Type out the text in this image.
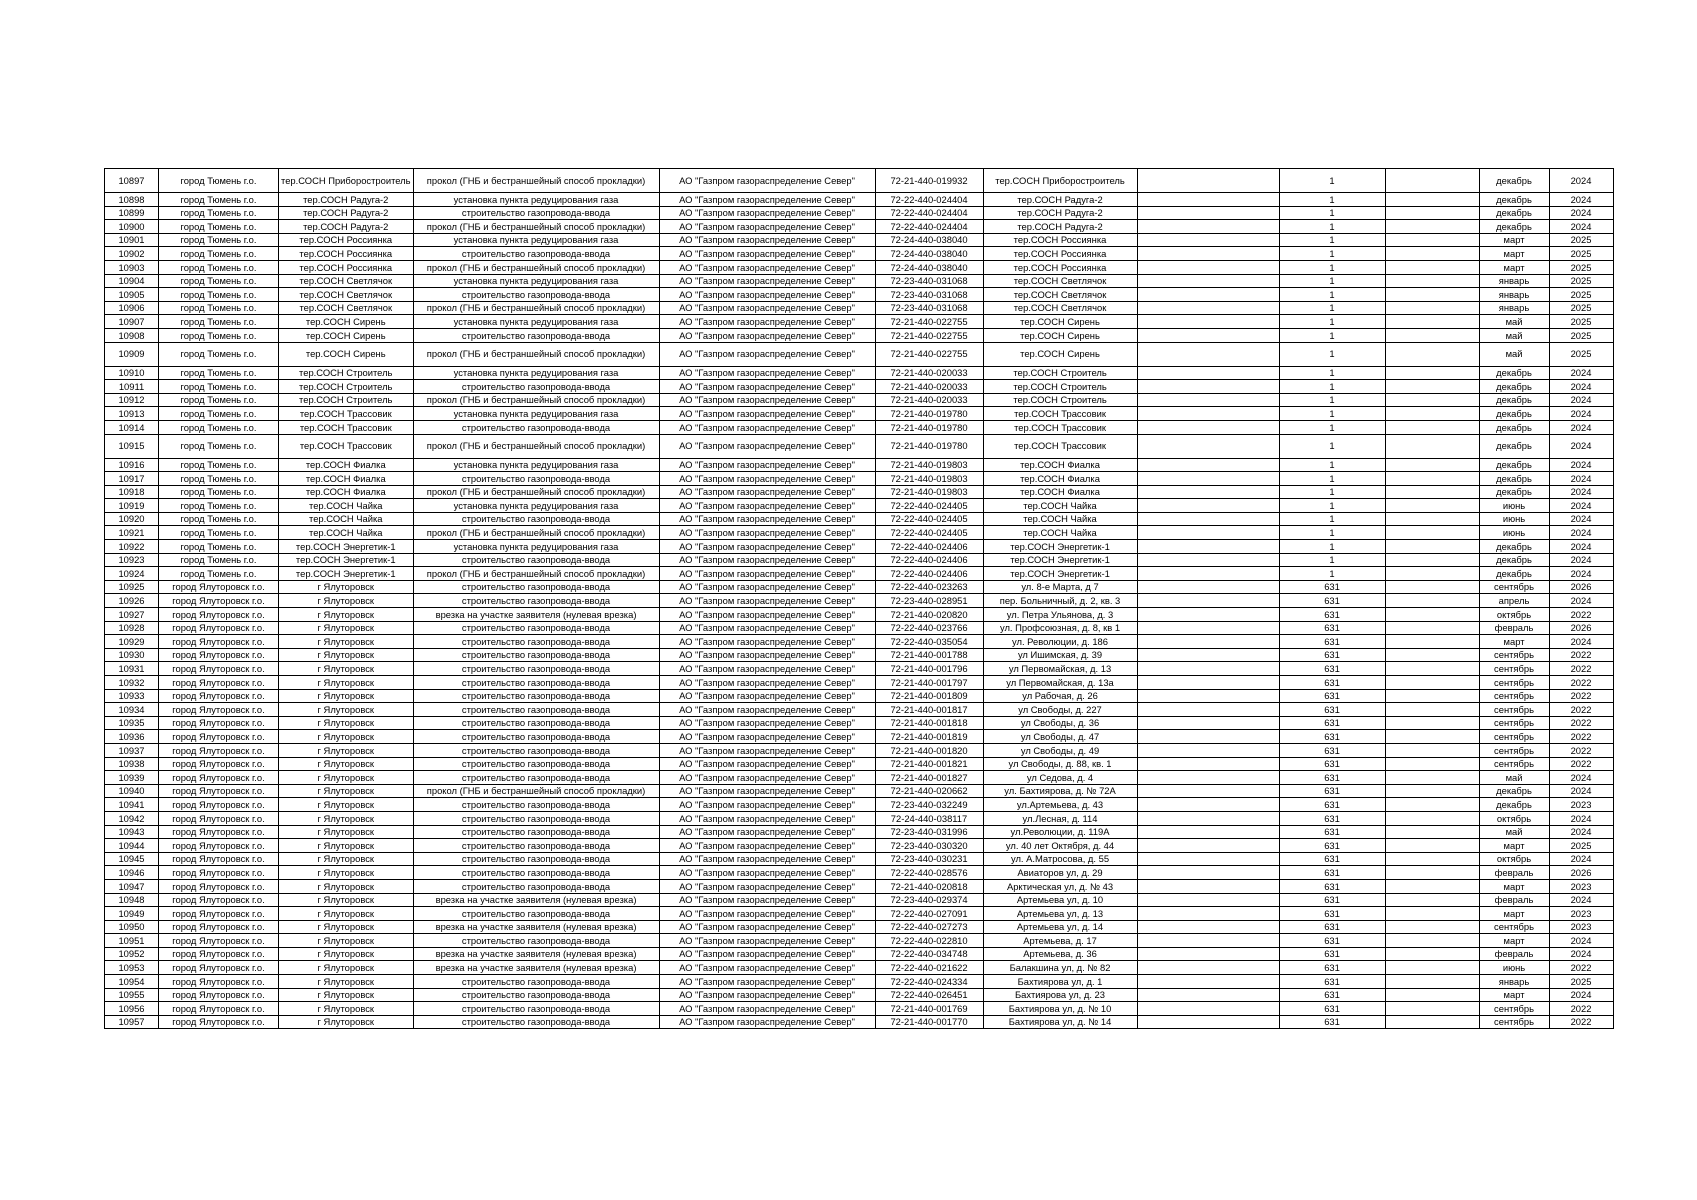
10897	город Тюмень г.о.	тер.СОСН Приборостроитель	прокол (ГНБ и бестраншейный способ прокладки)	АО "Газпром газораспределение Север"	72-21-440-019932	тер.СОСН Приборостроитель		1		декабрь	2024
10898	город Тюмень г.о.	тер.СОСН Радуга-2	установка пункта редуцирования газа	АО "Газпром газораспределение Север"	72-22-440-024404	тер.СОСН Радуга-2		1		декабрь	2024
10899	город Тюмень г.о.	тер.СОСН Радуга-2	строительство газопровода-ввода	АО "Газпром газораспределение Север"	72-22-440-024404	тер.СОСН Радуга-2		1		декабрь	2024
10900	город Тюмень г.о.	тер.СОСН Радуга-2	прокол (ГНБ и бестраншейный способ прокладки)	АО "Газпром газораспределение Север"	72-22-440-024404	тер.СОСН Радуга-2		1		декабрь	2024
10901	город Тюмень г.о.	тер.СОСН Россиянка	установка пункта редуцирования газа	АО "Газпром газораспределение Север"	72-24-440-038040	тер.СОСН Россиянка		1		март	2025
10902	город Тюмень г.о.	тер.СОСН Россиянка	строительство газопровода-ввода	АО "Газпром газораспределение Север"	72-24-440-038040	тер.СОСН Россиянка		1		март	2025
10903	город Тюмень г.о.	тер.СОСН Россиянка	прокол (ГНБ и бестраншейный способ прокладки)	АО "Газпром газораспределение Север"	72-24-440-038040	тер.СОСН Россиянка		1		март	2025
10904	город Тюмень г.о.	тер.СОСН Светлячок	установка пункта редуцирования газа	АО "Газпром газораспределение Север"	72-23-440-031068	тер.СОСН Светлячок		1		январь	2025
10905	город Тюмень г.о.	тер.СОСН Светлячок	строительство газопровода-ввода	АО "Газпром газораспределение Север"	72-23-440-031068	тер.СОСН Светлячок		1		январь	2025
10906	город Тюмень г.о.	тер.СОСН Светлячок	прокол (ГНБ и бестраншейный способ прокладки)	АО "Газпром газораспределение Север"	72-23-440-031068	тер.СОСН Светлячок		1		январь	2025
10907	город Тюмень г.о.	тер.СОСН Сирень	установка пункта редуцирования газа	АО "Газпром газораспределение Север"	72-21-440-022755	тер.СОСН Сирень		1		май	2025
10908	город Тюмень г.о.	тер.СОСН Сирень	строительство газопровода-ввода	АО "Газпром газораспределение Север"	72-21-440-022755	тер.СОСН Сирень		1		май	2025
10909	город Тюмень г.о.	тер.СОСН Сирень	прокол (ГНБ и бестраншейный способ прокладки)	АО "Газпром газораспределение Север"	72-21-440-022755	тер.СОСН Сирень		1		май	2025
10910	город Тюмень г.о.	тер.СОСН Строитель	установка пункта редуцирования газа	АО "Газпром газораспределение Север"	72-21-440-020033	тер.СОСН Строитель		1		декабрь	2024
10911	город Тюмень г.о.	тер.СОСН Строитель	строительство газопровода-ввода	АО "Газпром газораспределение Север"	72-21-440-020033	тер.СОСН Строитель		1		декабрь	2024
10912	город Тюмень г.о.	тер.СОСН Строитель	прокол (ГНБ и бестраншейный способ прокладки)	АО "Газпром газораспределение Север"	72-21-440-020033	тер.СОСН Строитель		1		декабрь	2024
10913	город Тюмень г.о.	тер.СОСН Трассовик	установка пункта редуцирования газа	АО "Газпром газораспределение Север"	72-21-440-019780	тер.СОСН Трассовик		1		декабрь	2024
10914	город Тюмень г.о.	тер.СОСН Трассовик	строительство газопровода-ввода	АО "Газпром газораспределение Север"	72-21-440-019780	тер.СОСН Трассовик		1		декабрь	2024
10915	город Тюмень г.о.	тер.СОСН Трассовик	прокол (ГНБ и бестраншейный способ прокладки)	АО "Газпром газораспределение Север"	72-21-440-019780	тер.СОСН Трассовик		1		декабрь	2024
10916	город Тюмень г.о.	тер.СОСН Фиалка	установка пункта редуцирования газа	АО "Газпром газораспределение Север"	72-21-440-019803	тер.СОСН Фиалка		1		декабрь	2024
10917	город Тюмень г.о.	тер.СОСН Фиалка	строительство газопровода-ввода	АО "Газпром газораспределение Север"	72-21-440-019803	тер.СОСН Фиалка		1		декабрь	2024
10918	город Тюмень г.о.	тер.СОСН Фиалка	прокол (ГНБ и бестраншейный способ прокладки)	АО "Газпром газораспределение Север"	72-21-440-019803	тер.СОСН Фиалка		1		декабрь	2024
10919	город Тюмень г.о.	тер.СОСН Чайка	установка пункта редуцирования газа	АО "Газпром газораспределение Север"	72-22-440-024405	тер.СОСН Чайка		1		июнь	2024
10920	город Тюмень г.о.	тер.СОСН Чайка	строительство газопровода-ввода	АО "Газпром газораспределение Север"	72-22-440-024405	тер.СОСН Чайка		1		июнь	2024
10921	город Тюмень г.о.	тер.СОСН Чайка	прокол (ГНБ и бестраншейный способ прокладки)	АО "Газпром газораспределение Север"	72-22-440-024405	тер.СОСН Чайка		1		июнь	2024
10922	город Тюмень г.о.	тер.СОСН Энергетик-1	установка пункта редуцирования газа	АО "Газпром газораспределение Север"	72-22-440-024406	тер.СОСН Энергетик-1		1		декабрь	2024
10923	город Тюмень г.о.	тер.СОСН Энергетик-1	строительство газопровода-ввода	АО "Газпром газораспределение Север"	72-22-440-024406	тер.СОСН Энергетик-1		1		декабрь	2024
10924	город Тюмень г.о.	тер.СОСН Энергетик-1	прокол (ГНБ и бестраншейный способ прокладки)	АО "Газпром газораспределение Север"	72-22-440-024406	тер.СОСН Энергетик-1		1		декабрь	2024
10925	город Ялуторовск г.о.	г Ялуторовск	строительство газопровода-ввода	АО "Газпром газораспределение Север"	72-22-440-023263	ул. 8-е Марта, д 7		631		сентябрь	2026
10926	город Ялуторовск г.о.	г Ялуторовск	строительство газопровода-ввода	АО "Газпром газораспределение Север"	72-23-440-028951	пер. Больничный, д. 2, кв. 3		631		апрель	2024
10927	город Ялуторовск г.о.	г Ялуторовск	врезка на участке заявителя (нулевая врезка)	АО "Газпром газораспределение Север"	72-21-440-020820	ул. Петра Ульянова, д. 3		631		октябрь	2022
10928	город Ялуторовск г.о.	г Ялуторовск	строительство газопровода-ввода	АО "Газпром газораспределение Север"	72-22-440-023766	ул. Профсоюзная, д. 8, кв 1		631		февраль	2026
10929	город Ялуторовск г.о.	г Ялуторовск	строительство газопровода-ввода	АО "Газпром газораспределение Север"	72-22-440-035054	ул. Революции, д. 186		631		март	2024
10930	город Ялуторовск г.о.	г Ялуторовск	строительство газопровода-ввода	АО "Газпром газораспределение Север"	72-21-440-001788	ул Ишимская, д. 39		631		сентябрь	2022
10931	город Ялуторовск г.о.	г Ялуторовск	строительство газопровода-ввода	АО "Газпром газораспределение Север"	72-21-440-001796	ул Первомайская, д. 13		631		сентябрь	2022
10932	город Ялуторовск г.о.	г Ялуторовск	строительство газопровода-ввода	АО "Газпром газораспределение Север"	72-21-440-001797	ул Первомайская, д. 13а		631		сентябрь	2022
10933	город Ялуторовск г.о.	г Ялуторовск	строительство газопровода-ввода	АО "Газпром газораспределение Север"	72-21-440-001809	ул Рабочая, д. 26		631		сентябрь	2022
10934	город Ялуторовск г.о.	г Ялуторовск	строительство газопровода-ввода	АО "Газпром газораспределение Север"	72-21-440-001817	ул Свободы, д. 227		631		сентябрь	2022
10935	город Ялуторовск г.о.	г Ялуторовск	строительство газопровода-ввода	АО "Газпром газораспределение Север"	72-21-440-001818	ул Свободы, д. 36		631		сентябрь	2022
10936	город Ялуторовск г.о.	г Ялуторовск	строительство газопровода-ввода	АО "Газпром газораспределение Север"	72-21-440-001819	ул Свободы, д. 47		631		сентябрь	2022
10937	город Ялуторовск г.о.	г Ялуторовск	строительство газопровода-ввода	АО "Газпром газораспределение Север"	72-21-440-001820	ул Свободы, д. 49		631		сентябрь	2022
10938	город Ялуторовск г.о.	г Ялуторовск	строительство газопровода-ввода	АО "Газпром газораспределение Север"	72-21-440-001821	ул Свободы, д. 88, кв. 1		631		сентябрь	2022
10939	город Ялуторовск г.о.	г Ялуторовск	строительство газопровода-ввода	АО "Газпром газораспределение Север"	72-21-440-001827	ул Седова, д. 4		631		май	2024
10940	город Ялуторовск г.о.	г Ялуторовск	прокол (ГНБ и бестраншейный способ прокладки)	АО "Газпром газораспределение Север"	72-21-440-020662	ул. Бахтиярова, д. № 72А		631		декабрь	2024
10941	город Ялуторовск г.о.	г Ялуторовск	строительство газопровода-ввода	АО "Газпром газораспределение Север"	72-23-440-032249	ул.Артемьева, д. 43		631		декабрь	2023
10942	город Ялуторовск г.о.	г Ялуторовск	строительство газопровода-ввода	АО "Газпром газораспределение Север"	72-24-440-038117	ул.Лесная, д. 114		631		октябрь	2024
10943	город Ялуторовск г.о.	г Ялуторовск	строительство газопровода-ввода	АО "Газпром газораспределение Север"	72-23-440-031996	ул.Революции, д. 119А		631		май	2024
10944	город Ялуторовск г.о.	г Ялуторовск	строительство газопровода-ввода	АО "Газпром газораспределение Север"	72-23-440-030320	ул. 40 лет Октября, д. 44		631		март	2025
10945	город Ялуторовск г.о.	г Ялуторовск	строительство газопровода-ввода	АО "Газпром газораспределение Север"	72-23-440-030231	ул. А.Матросова, д. 55		631		октябрь	2024
10946	город Ялуторовск г.о.	г Ялуторовск	строительство газопровода-ввода	АО "Газпром газораспределение Север"	72-22-440-028576	Авиаторов ул, д. 29		631		февраль	2026
10947	город Ялуторовск г.о.	г Ялуторовск	строительство газопровода-ввода	АО "Газпром газораспределение Север"	72-21-440-020818	Арктическая ул, д. № 43		631		март	2023
10948	город Ялуторовск г.о.	г Ялуторовск	врезка на участке заявителя (нулевая врезка)	АО "Газпром газораспределение Север"	72-23-440-029374	Артемьева ул, д. 10		631		февраль	2024
10949	город Ялуторовск г.о.	г Ялуторовск	строительство газопровода-ввода	АО "Газпром газораспределение Север"	72-22-440-027091	Артемьева ул, д. 13		631		март	2023
10950	город Ялуторовск г.о.	г Ялуторовск	врезка на участке заявителя (нулевая врезка)	АО "Газпром газораспределение Север"	72-22-440-027273	Артемьева ул, д. 14		631		сентябрь	2023
10951	город Ялуторовск г.о.	г Ялуторовск	строительство газопровода-ввода	АО "Газпром газораспределение Север"	72-22-440-022810	Артемьева, д. 17		631		март	2024
10952	город Ялуторовск г.о.	г Ялуторовск	врезка на участке заявителя (нулевая врезка)	АО "Газпром газораспределение Север"	72-22-440-034748	Артемьева, д. 36		631		февраль	2024
10953	город Ялуторовск г.о.	г Ялуторовск	врезка на участке заявителя (нулевая врезка)	АО "Газпром газораспределение Север"	72-22-440-021622	Балакшина ул, д. № 82		631		июнь	2022
10954	город Ялуторовск г.о.	г Ялуторовск	строительство газопровода-ввода	АО "Газпром газораспределение Север"	72-22-440-024334	Бахтиярова ул, д. 1		631		январь	2025
10955	город Ялуторовск г.о.	г Ялуторовск	строительство газопровода-ввода	АО "Газпром газораспределение Север"	72-22-440-026451	Бахтиярова ул, д. 23		631		март	2024
10956	город Ялуторовск г.о.	г Ялуторовск	строительство газопровода-ввода	АО "Газпром газораспределение Север"	72-21-440-001769	Бахтиярова ул, д. № 10		631		сентябрь	2022
10957	город Ялуторовск г.о.	г Ялуторовск	строительство газопровода-ввода	АО "Газпром газораспределение Север"	72-21-440-001770	Бахтиярова ул, д. № 14		631		сентябрь	2022
